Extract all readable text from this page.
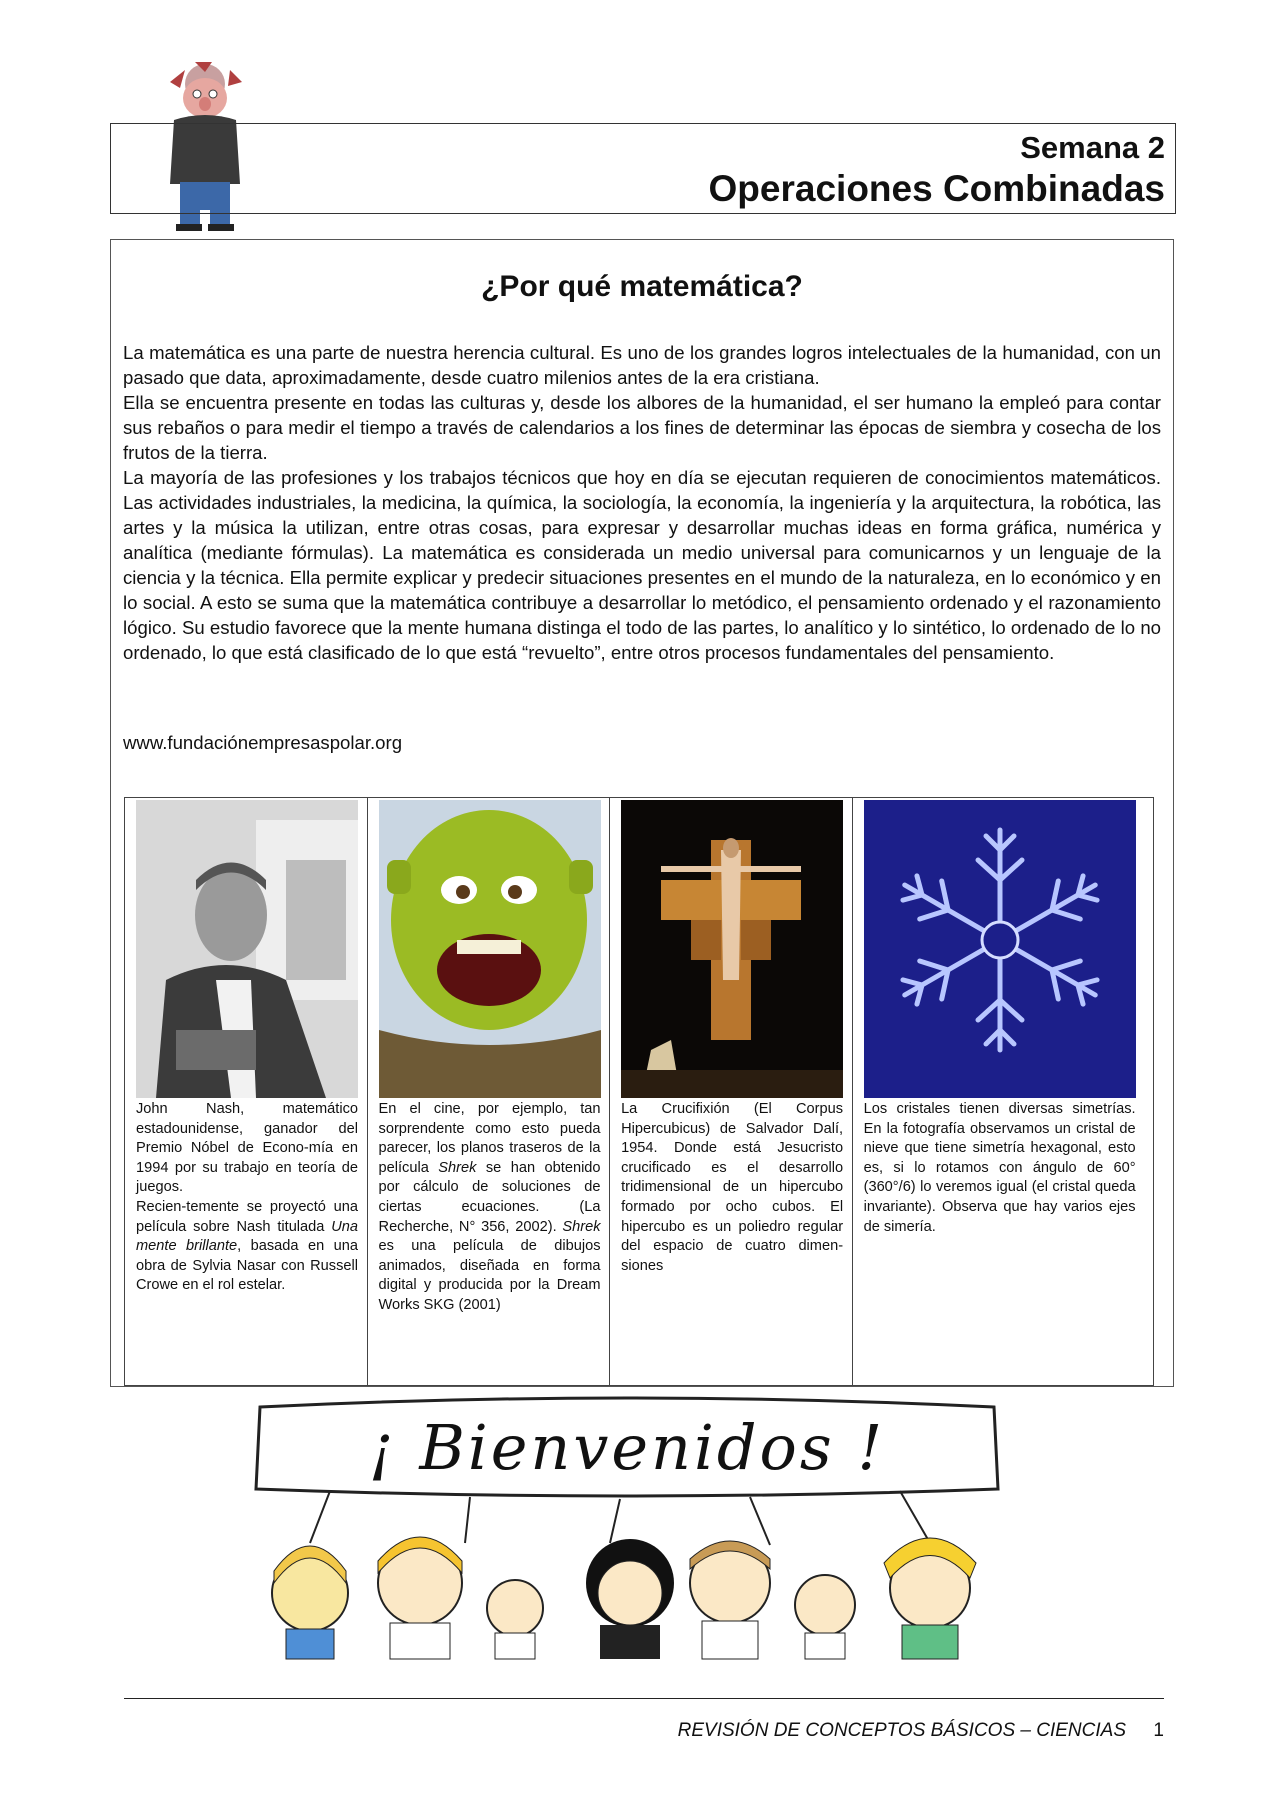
Semana 2
Operaciones Combinadas
¿Por qué matemática?

La matemática es una parte de nuestra herencia cultural. Es uno de los grandes logros intelectuales de la humanidad, con un pasado que data, aproximadamente, desde cuatro milenios antes de la era cristiana.

Ella se encuentra presente en todas las culturas y, desde los albores de la humanidad, el ser humano la empleó para contar sus rebaños o para medir el tiempo a través de calendarios a los fines de determinar las épocas de siembra y cosecha de los frutos de la tierra.

La mayoría de las profesiones y los trabajos técnicos que hoy en día se ejecutan requieren de conocimientos matemáticos. Las actividades industriales, la medicina, la química, la sociología, la economía, la ingeniería y la arquitectura, la robótica, las artes y la música la utilizan, entre otras cosas, para expresar y desarrollar muchas ideas en forma gráfica, numérica y analítica (mediante fórmulas). La matemática es considerada un medio universal para comunicarnos y un lenguaje de la ciencia y la técnica. Ella permite explicar y predecir situaciones presentes en el mundo de la naturaleza, en lo económico y en lo social. A esto se suma que la matemática contribuye a desarrollar lo metódico, el pensamiento ordenado y el razonamiento lógico. Su estudio favorece que la mente humana distinga el todo de las partes, lo analítico y lo sintético, lo ordenado de lo no ordenado, lo que está clasificado de lo que está “revuelto”, entre otros procesos fundamentales del pensamiento.

www.fundaciónempresaspolar.org

John Nash, matemático estadounidense, ganador del Premio Nóbel de Econo-mía en 1994 por su trabajo en teoría de juegos.

Recien-temente se proyectó una película sobre Nash titulada Una mente brillante, basada en una obra de Sylvia Nasar con Russell Crowe en el rol estelar.

En el cine, por ejemplo, tan sorprendente como esto pueda parecer, los planos traseros de la película Shrek se han obtenido por cálculo de soluciones de ciertas ecuaciones. (La Recherche, N° 356, 2002). Shrek es una película de dibujos animados, diseñada en forma digital y producida por la Dream Works SKG (2001)

La Crucifixión (El Corpus Hipercubicus) de Salvador Dalí, 1954. Donde está Jesucristo crucificado es el desarrollo tridimensional de un hipercubo formado por ocho cubos. El hipercubo es un poliedro regular del espacio de cuatro dimen-siones

Los cristales tienen diversas simetrías. En la fotografía observamos un cristal de nieve que tiene simetría hexagonal, esto es, si lo rotamos con ángulo de 60° (360°/6) lo veremos igual (el cristal queda invariante). Observa que hay varios ejes de simería.

¡ Bienvenidos !
REVISIÓN DE CONCEPTOS BÁSICOS – CIENCIAS 1
